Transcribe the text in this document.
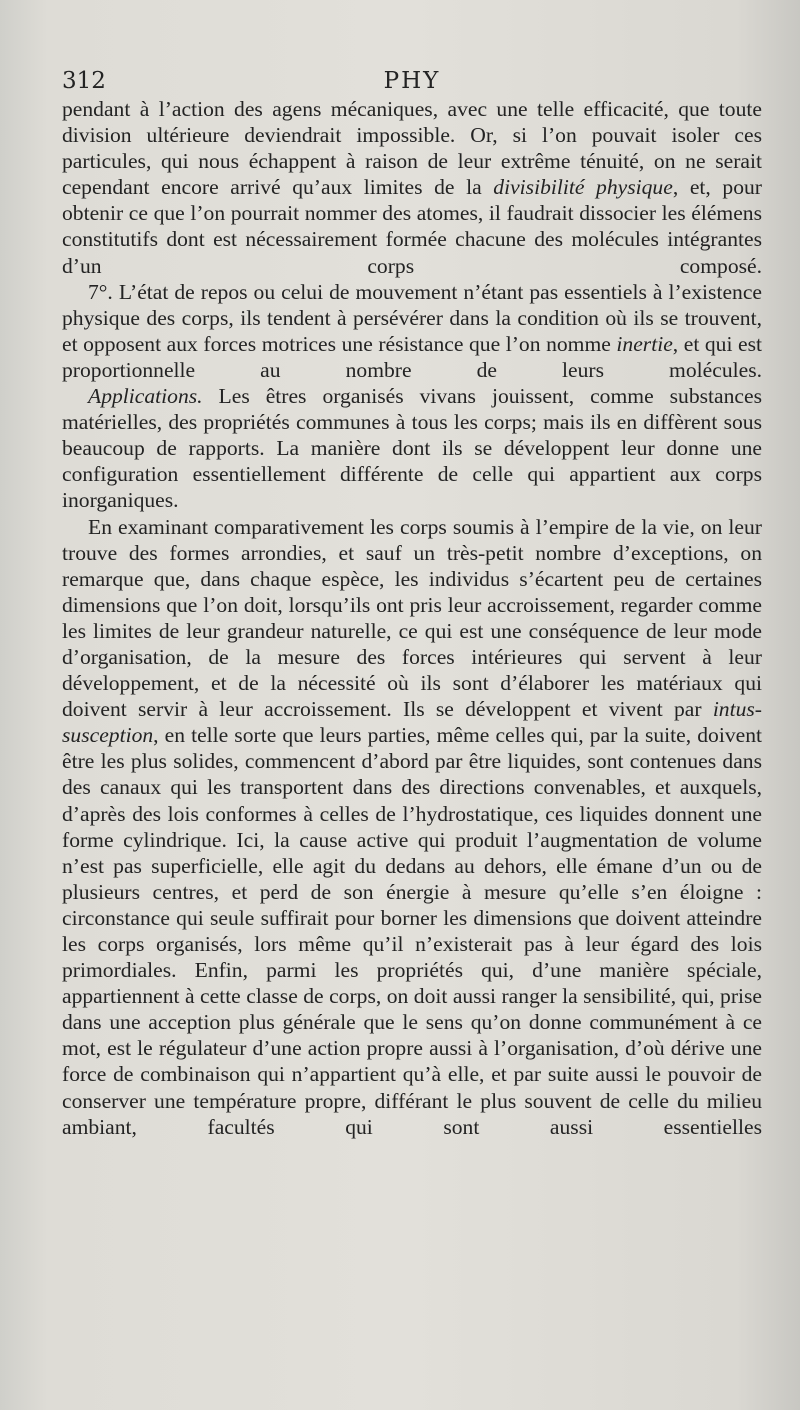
312	PHY

pendant à l’action des agens mécaniques, avec une telle efficacité, que toute division ultérieure deviendrait impossible. Or, si l’on pouvait isoler ces particules, qui nous échappent à raison de leur extrême ténuité, on ne serait cependant encore arrivé qu’aux limites de la divisibilité physique, et, pour obtenir ce que l’on pourrait nommer des atomes, il faudrait dissocier les élémens constitutifs dont est nécessairement formée chacune des molécules intégrantes d’un corps composé.

7°. L’état de repos ou celui de mouvement n’étant pas essentiels à l’existence physique des corps, ils tendent à persévérer dans la condition où ils se trouvent, et opposent aux forces motrices une résistance que l’on nomme inertie, et qui est proportionnelle au nombre de leurs molécules.

Applications. Les êtres organisés vivans jouissent, comme substances matérielles, des propriétés communes à tous les corps; mais ils en diffèrent sous beaucoup de rapports. La manière dont ils se développent leur donne une configuration essentiellement différente de celle qui appartient aux corps inorganiques.

En examinant comparativement les corps soumis à l’empire de la vie, on leur trouve des formes arrondies, et sauf un très-petit nombre d’exceptions, on remarque que, dans chaque espèce, les individus s’écartent peu de certaines dimensions que l’on doit, lorsqu’ils ont pris leur accroissement, regarder comme les limites de leur grandeur naturelle, ce qui est une conséquence de leur mode d’organisation, de la mesure des forces intérieures qui servent à leur développement, et de la nécessité où ils sont d’élaborer les matériaux qui doivent servir à leur accroissement. Ils se développent et vivent par intus-susception, en telle sorte que leurs parties, même celles qui, par la suite, doivent être les plus solides, commencent d’abord par être liquides, sont contenues dans des canaux qui les transportent dans des directions convenables, et auxquels, d’après des lois conformes à celles de l’hydrostatique, ces liquides donnent une forme cylindrique. Ici, la cause active qui produit l’augmentation de volume n’est pas superficielle, elle agit du dedans au dehors, elle émane d’un ou de plusieurs centres, et perd de son énergie à mesure qu’elle s’en éloigne : circonstance qui seule suffirait pour borner les dimensions que doivent atteindre les corps organisés, lors même qu’il n’existerait pas à leur égard des lois primordiales. Enfin, parmi les propriétés qui, d’une manière spéciale, appartiennent à cette classe de corps, on doit aussi ranger la sensibilité, qui, prise dans une acception plus générale que le sens qu’on donne communément à ce mot, est le régulateur d’une action propre aussi à l’organisation, d’où dérive une force de combinaison qui n’appartient qu’à elle, et par suite aussi le pouvoir de conserver une température propre, différant le plus souvent de celle du milieu ambiant, facultés qui sont aussi essentielles
